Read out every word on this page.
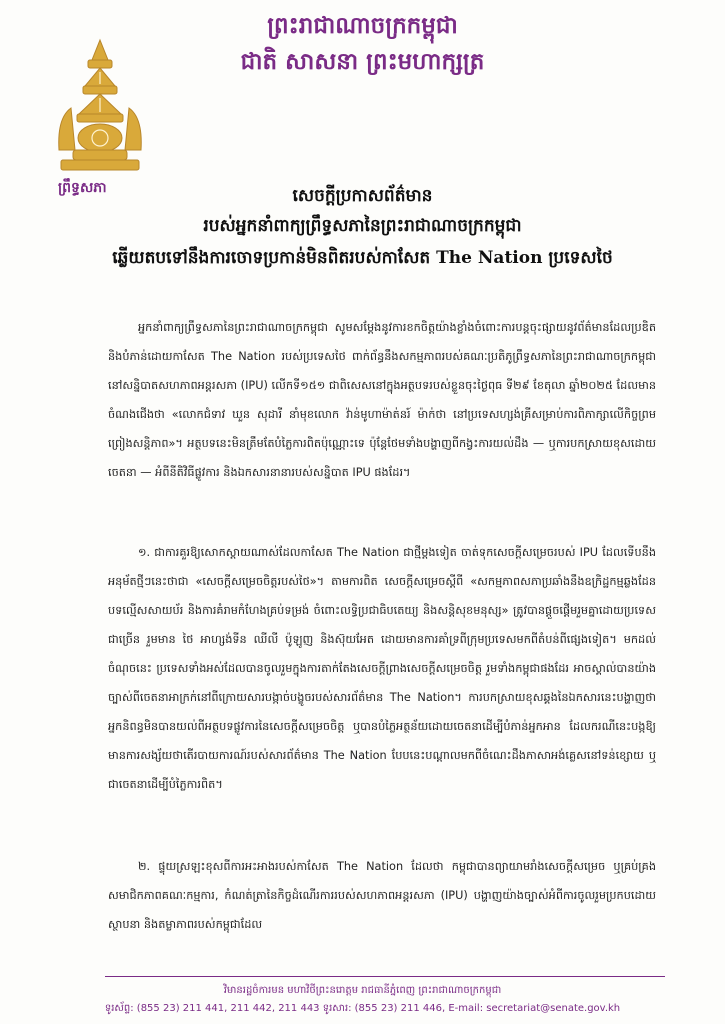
ព្រះរាជាណាចក្រកម្ពុជា
ជាតិ សាសនា ព្រះមហាក្សត្រ
ព្រឹទ្ធសភា	សេចក្តីប្រកាសព័ត៌មាន
របស់អ្នកនាំពាក្យព្រឹទ្ធសភានៃព្រះរាជាណាចក្រកម្ពុជា
ឆ្លើយតបទៅនឹងការចោទប្រកាន់មិនពិតរបស់កាសែត The Nation ប្រទេសថៃ
អ្នកនាំពាក្យព្រឹទ្ធសភានៃព្រះរាជាណាចក្រកម្ពុជា សូមសម្តែងនូវការខកចិត្តយ៉ាងខ្លាំងចំពោះការបន្តចុះផ្សាយនូវព័ត៌មានដែលប្រឌិត និងបំភាន់ដោយកាសែត The Nation របស់ប្រទេសថៃ ពាក់ព័ន្ធនឹងសកម្មភាពរបស់គណៈប្រតិភូព្រឹទ្ធសភានៃព្រះរាជាណាចក្រកម្ពុជានៅសន្និបាតសហភាពអន្តរសភា (IPU) លើកទី១៥១ ជាពិសេសនៅក្នុងអត្ថបទរបស់ខ្លួនចុះថ្ងៃពុធ ទី២៩ ខែតុលា ឆ្នាំ២០២៥ ដែលមានចំណងជើងថា «លោកជំទាវ ឃួន សុដារី នាំមុខលោក វ៉ាន់មូហាម៉ាត់នរ៍ ម៉ាក់ថា នៅប្រទេសហ្សង់គ្រីសម្រាប់ការពិភាក្សាលើកិច្ចព្រមព្រៀងសន្តិភាព»។ អត្ថបទនេះមិនត្រឹមតែបំភ្លៃការពិតប៉ុណ្ណោះទេ ប៉ុន្តែថែមទាំងបង្ហាញពីកង្វះការយល់ដឹង — ឬការបកស្រាយខុសដោយចេតនា — អំពីនីតិវិធីផ្លូវការ និងឯកសារនានារបស់សន្និបាត IPU ផងដែរ។
១. ជាការគួរឱ្យសោកស្តាយណាស់ដែលកាសែត The Nation ជាថ្មីម្តងទៀត ចាត់ទុកសេចក្តីសម្រេចរបស់ IPU ដែលទើបនឹងអនុម័តថ្មីៗនេះថាជា «សេចក្តីសម្រេចចិត្តរបស់ថៃ»។ តាមការពិត សេចក្តីសម្រេចស្តីពី «សកម្មភាពសភាប្រឆាំងនឹងឧក្រិដ្ឋកម្មឆ្លងដែន បទល្មើសសាយប័រ និងការគំរាមកំហែងគ្រប់ទម្រង់ ចំពោះលទ្ធិប្រជាធិបតេយ្យ និងសន្តិសុខមនុស្ស» ត្រូវបានផ្តួចផ្តើមរួមគ្នាដោយប្រទេសជាច្រើន រួមមាន ថៃ អាហ្សង់ទីន ឈីលី ប៉ូឡូញ និងស៊ុយអែត ដោយមានការគាំទ្រពីក្រុមប្រទេសមកពីតំបន់ពីផ្សេងទៀត។ មកដល់ចំណុចនេះ ប្រទេសទាំងអស់ដែលបានចូលរួមក្នុងការតាក់តែងសេចក្តីព្រាងសេចក្តីសម្រេចចិត្ត រួមទាំងកម្ពុជាផងដែរ អាចស្គាល់បានយ៉ាងច្បាស់ពីចេតនាអាក្រក់នៅពីក្រោយសារបង្កាច់បង្ខូចរបស់សារព័ត៌មាន The Nation។ ការបកស្រាយខុសឆ្គងនៃឯកសារនេះបង្ហាញថា អ្នកនិពន្ធមិនបានយល់ពីអត្ថបទផ្លូវការនៃសេចក្តីសម្រេចចិត្ត ឬបានបំភ្លៃអត្ថន័យដោយចេតនាដើម្បីបំភាន់អ្នកអាន ដែលករណីនេះបង្កឱ្យមានការសង្ស័យថាតើរបាយការណ៍របស់សារព័ត៌មាន The Nation បែបនេះបណ្តាលមកពីចំណេះដឹងភាសាអង់គ្លេសនៅទន់ខ្សោយ ឬជាចេតនាដើម្បីបំភ្លៃការពិត។
២. ផ្ទុយស្រឡះខុសពីការអះអាងរបស់កាសែត The Nation ដែលថា កម្ពុជាបានព្យាយាមរាំងសេចក្តីសម្រេច ឬគ្រប់គ្រងសមាជិកភាពគណៈកម្មការ, កំណត់ត្រានៃកិច្ចដំណើរការរបស់សហភាពអន្តរសភា (IPU) បង្ហាញយ៉ាងច្បាស់អំពីការចូលរួមប្រកបដោយស្ថាបនា និងតម្លាភាពរបស់កម្ពុជាដែល
វិមានរដ្ឋចំការមន មហាវិថីព្រះនរោត្តម រាជធានីភ្នំពេញ ព្រះរាជាណាចក្រកម្ពុជា
ទូរស័ព្ទ: (855 23) 211 441, 211 442, 211 443 ទូរសារ: (855 23) 211 446, E-mail: secretariat@senate.gov.kh
